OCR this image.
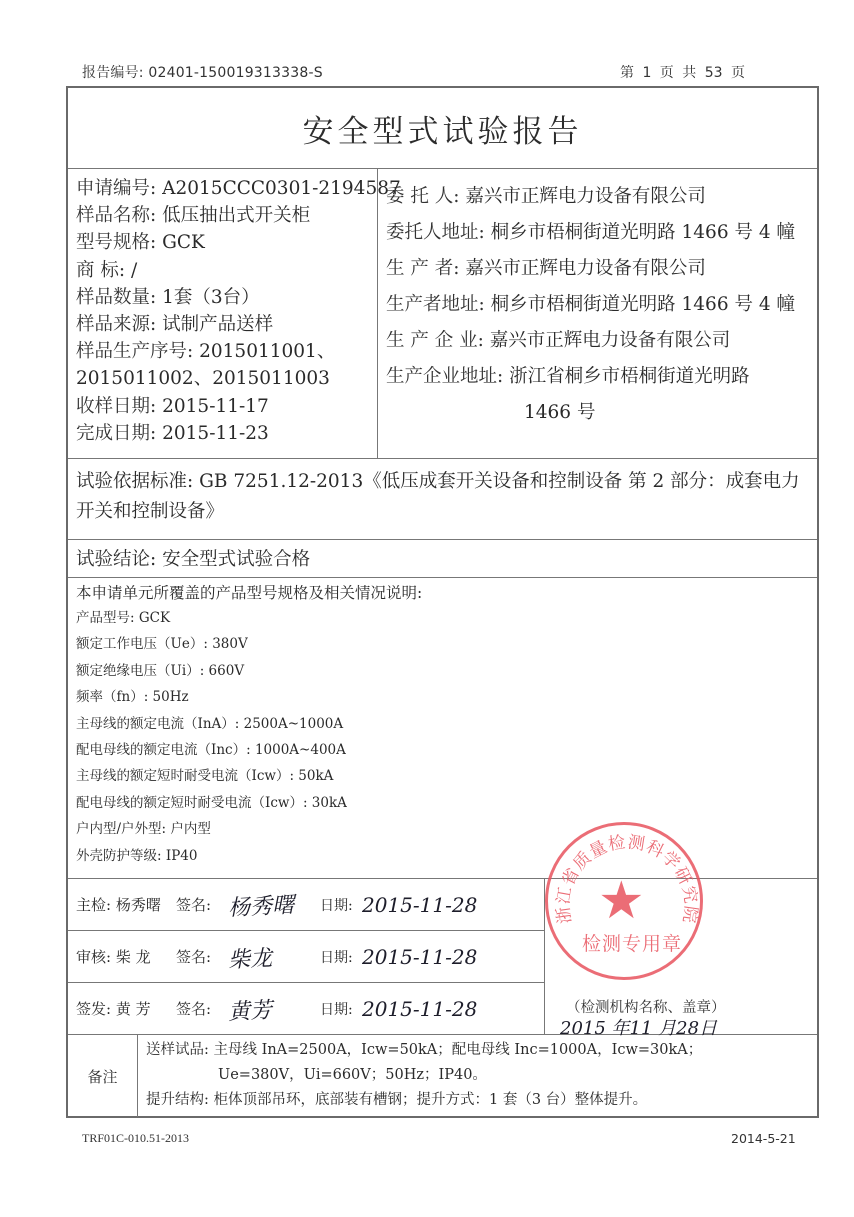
报告编号: 02401-150019313338-S	第 1 页 共 53 页
安全型式试验报告
申请编号: A2015CCC0301-2194587
样品名称: 低压抽出式开关柜
型号规格: GCK
商 标: /
样品数量: 1套（3台）
样品来源: 试制产品送样
样品生产序号: 2015011001、
2015011002、2015011003
收样日期: 2015-11-17
完成日期: 2015-11-23
委 托 人: 嘉兴市正辉电力设备有限公司
委托人地址: 桐乡市梧桐街道光明路 1466 号 4 幢
生 产 者: 嘉兴市正辉电力设备有限公司
生产者地址: 桐乡市梧桐街道光明路 1466 号 4 幢
生 产 企 业: 嘉兴市正辉电力设备有限公司
生产企业地址: 浙江省桐乡市梧桐街道光明路
1466 号
试验依据标准: GB 7251.12-2013《低压成套开关设备和控制设备 第 2 部分：成套电力开关和控制设备》
试验结论: 安全型式试验合格
本申请单元所覆盖的产品型号规格及相关情况说明:
产品型号: GCK
额定工作电压（Ue）: 380V
额定绝缘电压（Ui）: 660V
频率（fn）: 50Hz
主母线的额定电流（InA）: 2500A~1000A
配电母线的额定电流（Inc）: 1000A~400A
主母线的额定短时耐受电流（Icw）: 50kA
配电母线的额定短时耐受电流（Icw）: 30kA
户内型/户外型: 户内型
外壳防护等级: IP40
主检: 杨秀曙	签名: 杨秀曙	日期: 2015-11-28
审核: 柴 龙	签名: 柴龙	日期: 2015-11-28
签发: 黄 芳	签名: 黄芳	日期: 2015-11-28
备注
送样试品: 主母线 InA=2500A，Icw=50kA；配电母线 Inc=1000A，Icw=30kA；
Ue=380V，Ui=660V；50Hz；IP40。
提升结构: 柜体顶部吊环，底部装有槽钢；提升方式：1 套（3 台）整体提升。
浙江省质量检测科学研究院
★
检测专用章
（检测机构名称、盖章）
2015 年11 月28日
TRF01C-010.51-2013	2014-5-21
